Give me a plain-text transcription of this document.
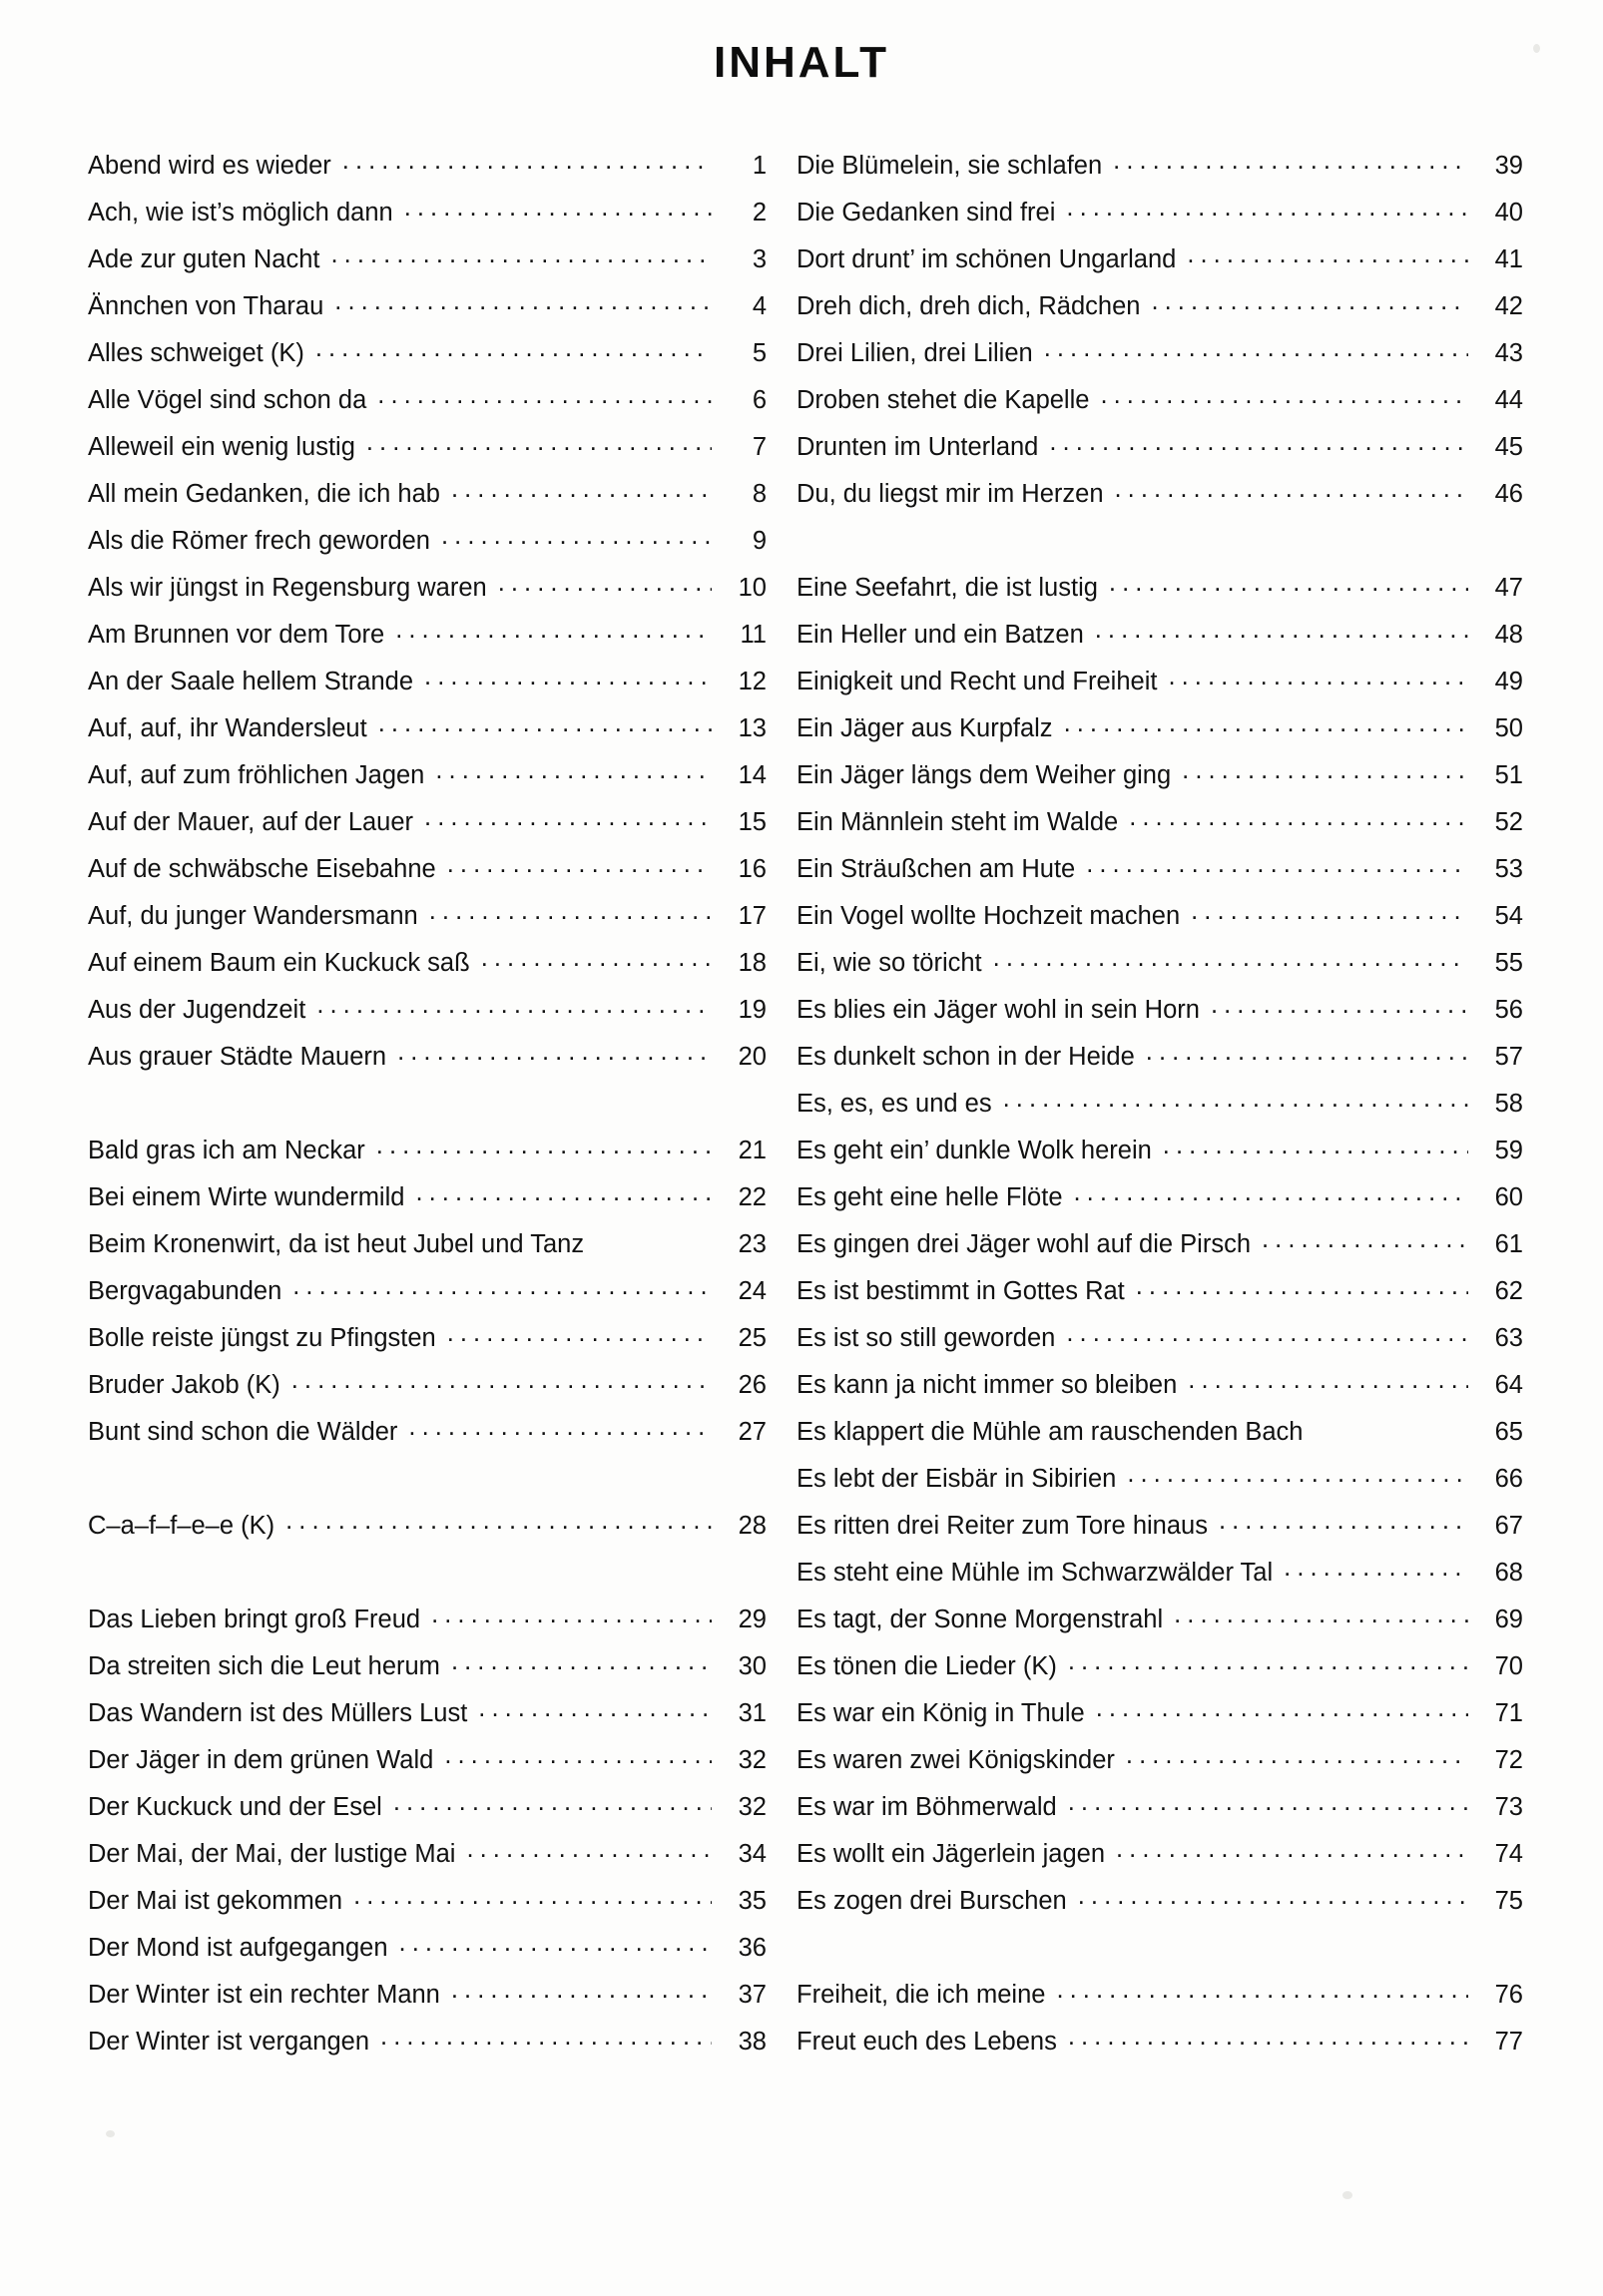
INHALT
Abend wird es wieder . . .	1
Ach, wie ist’s möglich dann . . .	2
Ade zur guten Nacht . . .	3
Ännchen von Tharau . . .	4
Alles schweiget (K) . . .	5
Alle Vögel sind schon da . . .	6
Alleweil ein wenig lustig . . .	7
All mein Gedanken, die ich hab . . .	8
Als die Römer frech geworden . . .	9
Als wir jüngst in Regensburg waren . . .	10
Am Brunnen vor dem Tore . . .	11
An der Saale hellem Strande . . .	12
Auf, auf, ihr Wandersleut . . .	13
Auf, auf zum fröhlichen Jagen . . .	14
Auf der Mauer, auf der Lauer . . .	15
Auf de schwäbsche Eisebahne . . .	16
Auf, du junger Wandersmann . . .	17
Auf einem Baum ein Kuckuck saß . . .	18
Aus der Jugendzeit . . .	19
Aus grauer Städte Mauern . . .	20
Bald gras ich am Neckar . . .	21
Bei einem Wirte wundermild . . .	22
Beim Kronenwirt, da ist heut Jubel und Tanz	23
Bergvagabunden . . .	24
Bolle reiste jüngst zu Pfingsten . . .	25
Bruder Jakob (K) . . .	26
Bunt sind schon die Wälder . . .	27
C–a–f–f–e–e (K) . . .	28
Das Lieben bringt groß Freud . . .	29
Da streiten sich die Leut herum . . .	30
Das Wandern ist des Müllers Lust . . .	31
Der Jäger in dem grünen Wald . . .	32
Der Kuckuck und der Esel . . .	32
Der Mai, der Mai, der lustige Mai . . .	34
Der Mai ist gekommen . . .	35
Der Mond ist aufgegangen . . .	36
Der Winter ist ein rechter Mann . . .	37
Der Winter ist vergangen . . .	38
Die Blümelein, sie schlafen . . .	39
Die Gedanken sind frei . . .	40
Dort drunt’ im schönen Ungarland . . .	41
Dreh dich, dreh dich, Rädchen . . .	42
Drei Lilien, drei Lilien . . .	43
Droben stehet die Kapelle . . .	44
Drunten im Unterland . . .	45
Du, du liegst mir im Herzen . . .	46
Eine Seefahrt, die ist lustig . . .	47
Ein Heller und ein Batzen . . .	48
Einigkeit und Recht und Freiheit . . .	49
Ein Jäger aus Kurpfalz . . .	50
Ein Jäger längs dem Weiher ging . . .	51
Ein Männlein steht im Walde . . .	52
Ein Sträußchen am Hute . . .	53
Ein Vogel wollte Hochzeit machen . . .	54
Ei, wie so töricht . . .	55
Es blies ein Jäger wohl in sein Horn . . .	56
Es dunkelt schon in der Heide . . .	57
Es, es, es und es . . .	58
Es geht ein’ dunkle Wolk herein . . .	59
Es geht eine helle Flöte . . .	60
Es gingen drei Jäger wohl auf die Pirsch . . .	61
Es ist bestimmt in Gottes Rat . . .	62
Es ist so still geworden . . .	63
Es kann ja nicht immer so bleiben . . .	64
Es klappert die Mühle am rauschenden Bach	65
Es lebt der Eisbär in Sibirien . . .	66
Es ritten drei Reiter zum Tore hinaus . . .	67
Es steht eine Mühle im Schwarzwälder Tal . . .	68
Es tagt, der Sonne Morgenstrahl . . .	69
Es tönen die Lieder (K) . . .	70
Es war ein König in Thule . . .	71
Es waren zwei Königskinder . . .	72
Es war im Böhmerwald . . .	73
Es wollt ein Jägerlein jagen . . .	74
Es zogen drei Burschen . . .	75
Freiheit, die ich meine . . .	76
Freut euch des Lebens . . .	77
